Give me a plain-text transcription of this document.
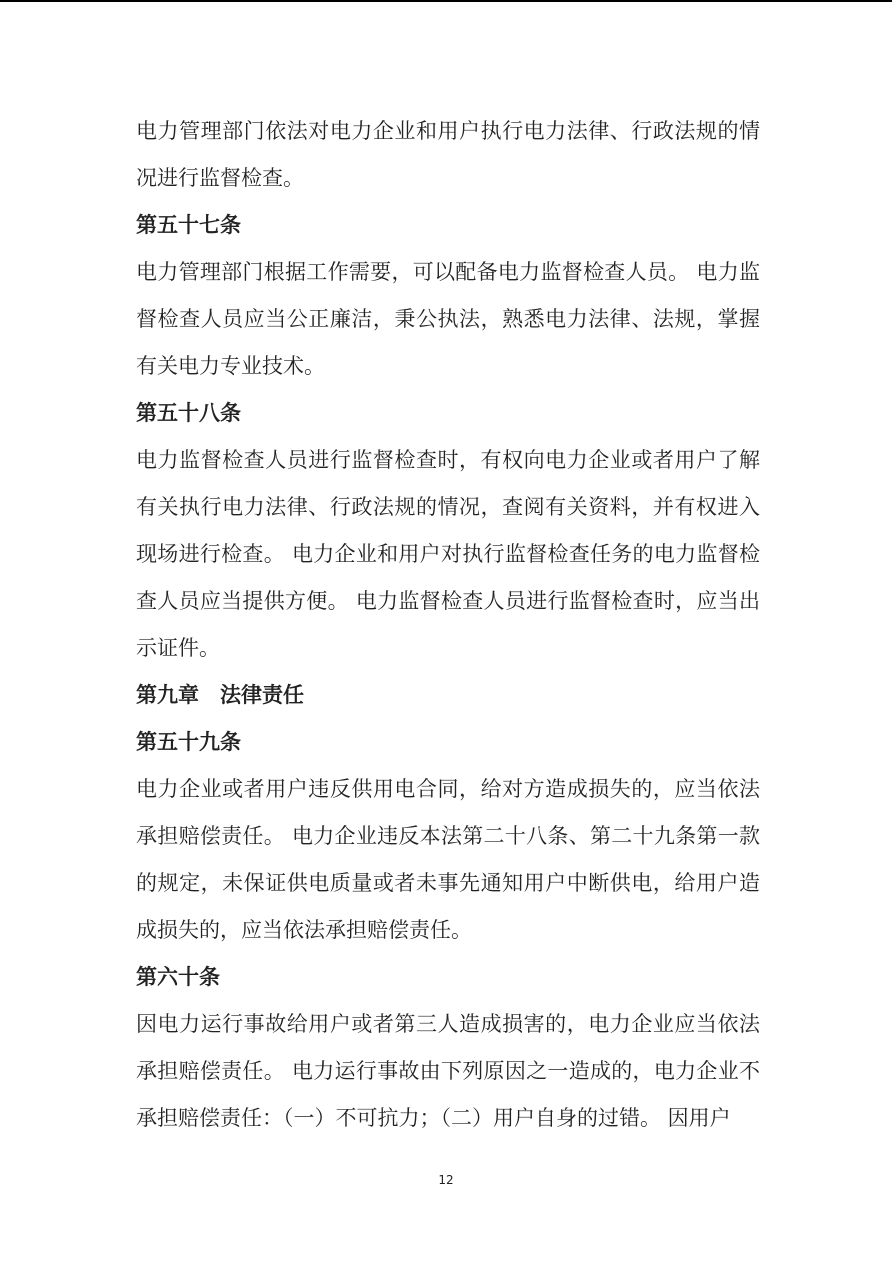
电力管理部门依法对电力企业和用户执行电力法律、行政法规的情况进行监督检查。

第五十七条

电力管理部门根据工作需要，可以配备电力监督检查人员。 电力监督检查人员应当公正廉洁，秉公执法，熟悉电力法律、法规，掌握有关电力专业技术。

第五十八条

电力监督检查人员进行监督检查时，有权向电力企业或者用户了解有关执行电力法律、行政法规的情况，查阅有关资料，并有权进入现场进行检查。 电力企业和用户对执行监督检查任务的电力监督检查人员应当提供方便。 电力监督检查人员进行监督检查时，应当出示证件。

第九章　法律责任

第五十九条

电力企业或者用户违反供用电合同，给对方造成损失的，应当依法承担赔偿责任。 电力企业违反本法第二十八条、第二十九条第一款的规定，未保证供电质量或者未事先通知用户中断供电，给用户造成损失的，应当依法承担赔偿责任。

第六十条

因电力运行事故给用户或者第三人造成损害的，电力企业应当依法承担赔偿责任。 电力运行事故由下列原因之一造成的，电力企业不承担赔偿责任：（一）不可抗力；（二）用户自身的过错。 因用户

12
